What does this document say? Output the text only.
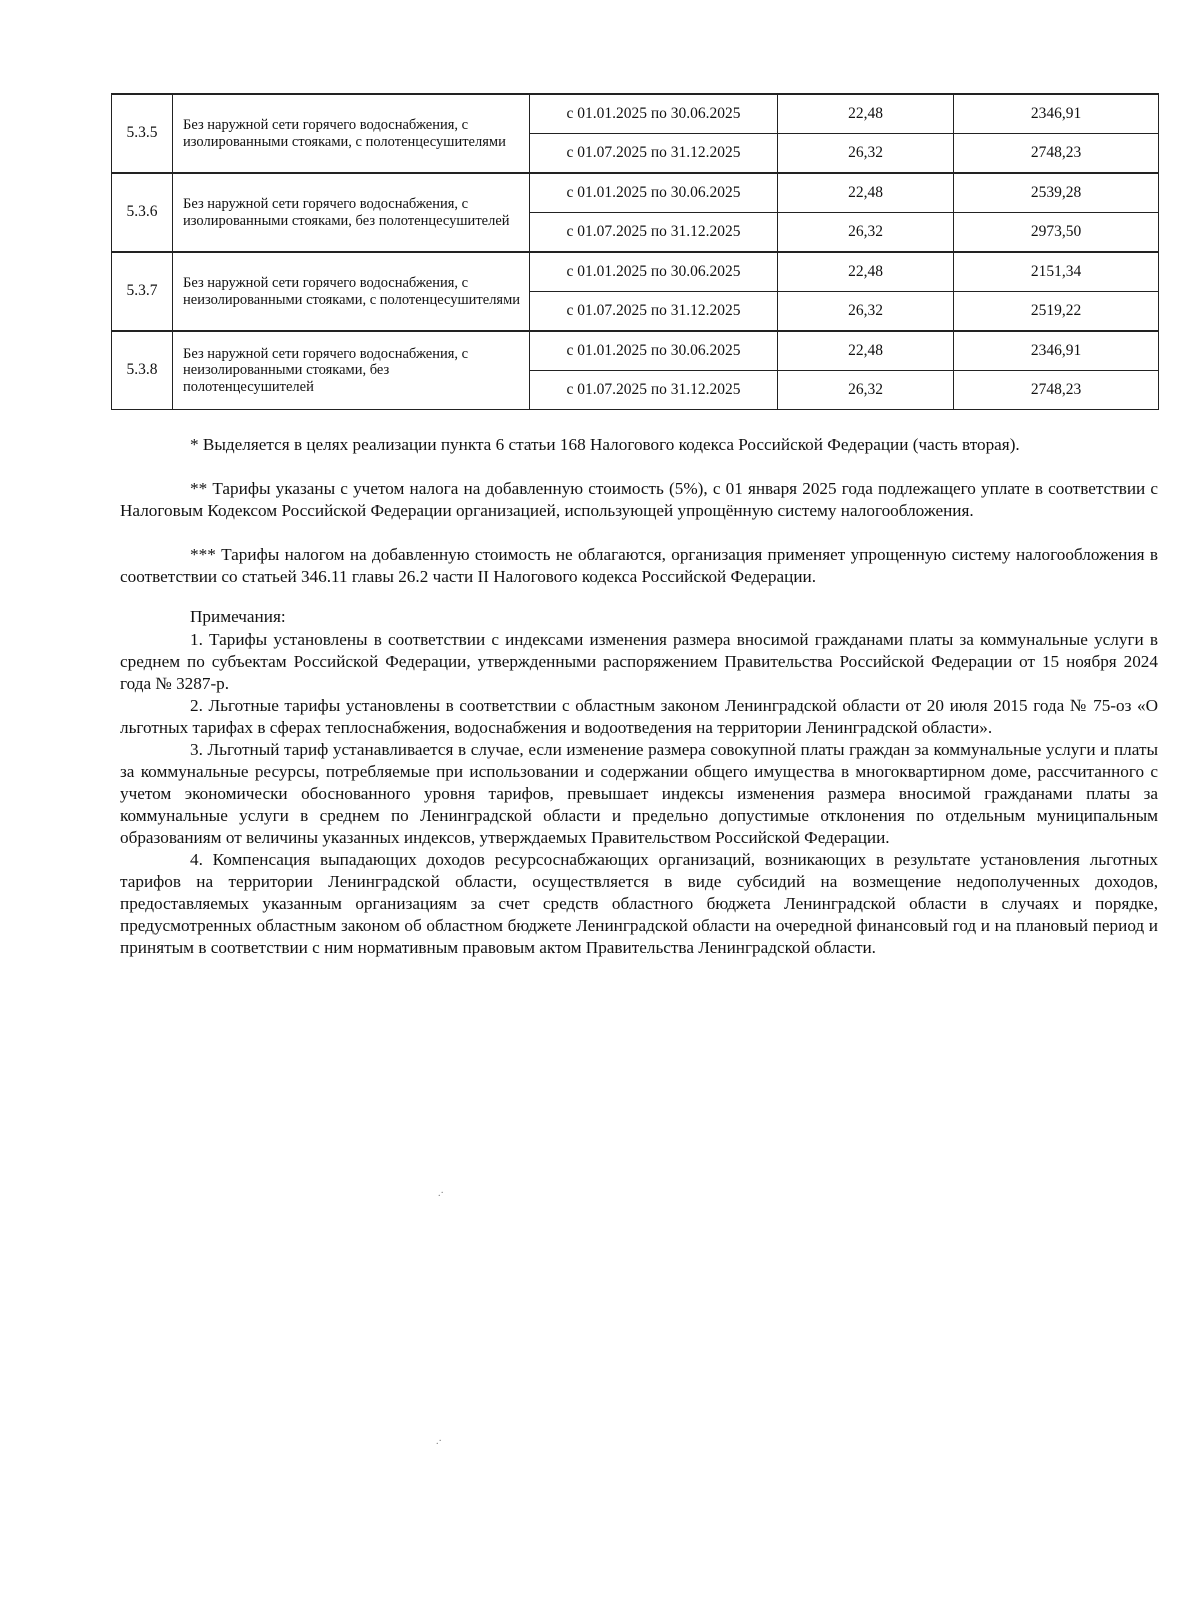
5.3.5	Без наружной сети горячего водоснабжения, с изолированными стояками, с полотенцесушителями	с 01.01.2025 по 30.06.2025	22,48	2346,91
		с 01.07.2025 по 31.12.2025	26,32	2748,23
5.3.6	Без наружной сети горячего водоснабжения, с изолированными стояками, без полотенцесушителей	с 01.01.2025 по 30.06.2025	22,48	2539,28
		с 01.07.2025 по 31.12.2025	26,32	2973,50
5.3.7	Без наружной сети горячего водоснабжения, с неизолированными стояками, с полотенцесушителями	с 01.01.2025 по 30.06.2025	22,48	2151,34
		с 01.07.2025 по 31.12.2025	26,32	2519,22
5.3.8	Без наружной сети горячего водоснабжения, с неизолированными стояками, без полотенцесушителей	с 01.01.2025 по 30.06.2025	22,48	2346,91
		с 01.07.2025 по 31.12.2025	26,32	2748,23

* Выделяется в целях реализации пункта 6 статьи 168 Налогового кодекса Российской Федерации (часть вторая).

** Тарифы указаны с учетом налога на добавленную стоимость (5%), с 01 января 2025 года подлежащего уплате в соответствии с Налоговым Кодексом Российской Федерации организацией, использующей упрощённую систему налогообложения.

*** Тарифы налогом на добавленную стоимость не облагаются, организация применяет упрощенную систему налогообложения в соответствии со статьей 346.11 главы 26.2 части II Налогового кодекса Российской Федерации.

Примечания:

1. Тарифы установлены в соответствии с индексами изменения размера вносимой гражданами платы за коммунальные услуги в среднем по субъектам Российской Федерации, утвержденными распоряжением Правительства Российской Федерации от 15 ноября 2024 года № 3287-р.

2. Льготные тарифы установлены в соответствии с областным законом Ленинградской области от 20 июля 2015 года № 75-оз «О льготных тарифах в сферах теплоснабжения, водоснабжения и водоотведения на территории Ленинградской области».

3. Льготный тариф устанавливается в случае, если изменение размера совокупной платы граждан за коммунальные услуги и платы за коммунальные ресурсы, потребляемые при использовании и содержании общего имущества в многоквартирном доме, рассчитанного с учетом экономически обоснованного уровня тарифов, превышает индексы изменения размера вносимой гражданами платы за коммунальные услуги в среднем по Ленинградской области и предельно допустимые отклонения по отдельным муниципальным образованиям от величины указанных индексов, утверждаемых Правительством Российской Федерации.

4. Компенсация выпадающих доходов ресурсоснабжающих организаций, возникающих в результате установления льготных тарифов на территории Ленинградской области, осуществляется в виде субсидий на возмещение недополученных доходов, предоставляемых указанным организациям за счет средств областного бюджета Ленинградской области в случаях и порядке, предусмотренных областным законом об областном бюджете Ленинградской области на очередной финансовый год и на плановый период и принятым в соответствии с ним нормативным правовым актом Правительства Ленинградской области.

.·
.·
